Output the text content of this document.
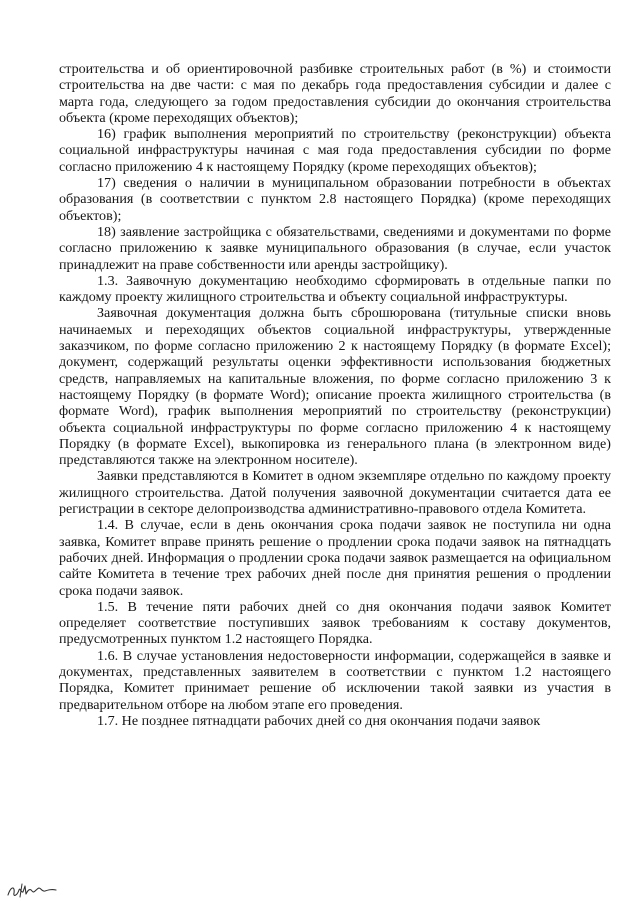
строительства и об ориентировочной разбивке строительных работ (в %) и стоимости строительства на две части: с мая по декабрь года предоставления субсидии и далее с марта года, следующего за годом предоставления субсидии до окончания строительства объекта (кроме переходящих объектов);

16) график выполнения мероприятий по строительству (реконструкции) объекта социальной инфраструктуры начиная с мая года предоставления субсидии по форме согласно приложению 4 к настоящему Порядку (кроме переходящих объектов);

17) сведения о наличии в муниципальном образовании потребности в объектах образования (в соответствии с пунктом 2.8 настоящего Порядка) (кроме переходящих объектов);

18) заявление застройщика с обязательствами, сведениями и документами по форме согласно приложению к заявке муниципального образования (в случае, если участок принадлежит на праве собственности или аренды застройщику).

1.3. Заявочную документацию необходимо сформировать в отдельные папки по каждому проекту жилищного строительства и объекту социальной инфраструктуры.

Заявочная документация должна быть сброшюрована (титульные списки вновь начинаемых и переходящих объектов социальной инфраструктуры, утвержденные заказчиком, по форме согласно приложению 2 к настоящему Порядку (в формате Excel); документ, содержащий результаты оценки эффективности использования бюджетных средств, направляемых на капитальные вложения, по форме согласно приложению 3 к настоящему Порядку (в формате Word); описание проекта жилищного строительства (в формате Word), график выполнения мероприятий по строительству (реконструкции) объекта социальной инфраструктуры по форме согласно приложению 4 к настоящему Порядку (в формате Excel), выкопировка из генерального плана (в электронном виде) представляются также на электронном носителе).

Заявки представляются в Комитет в одном экземпляре отдельно по каждому проекту жилищного строительства. Датой получения заявочной документации считается дата ее регистрации в секторе делопроизводства административно-правового отдела Комитета.

1.4. В случае, если в день окончания срока подачи заявок не поступила ни одна заявка, Комитет вправе принять решение о продлении срока подачи заявок на пятнадцать рабочих дней. Информация о продлении срока подачи заявок размещается на официальном сайте Комитета в течение трех рабочих дней после дня принятия решения о продлении срока подачи заявок.

1.5. В течение пяти рабочих дней со дня окончания подачи заявок Комитет определяет соответствие поступивших заявок требованиям к составу документов, предусмотренных пунктом 1.2 настоящего Порядка.

1.6. В случае установления недостоверности информации, содержащейся в заявке и документах, представленных заявителем в соответствии с пунктом 1.2 настоящего Порядка, Комитет принимает решение об исключении такой заявки из участия в предварительном отборе на любом этапе его проведения.

1.7. Не позднее пятнадцати рабочих дней со дня окончания подачи заявок
